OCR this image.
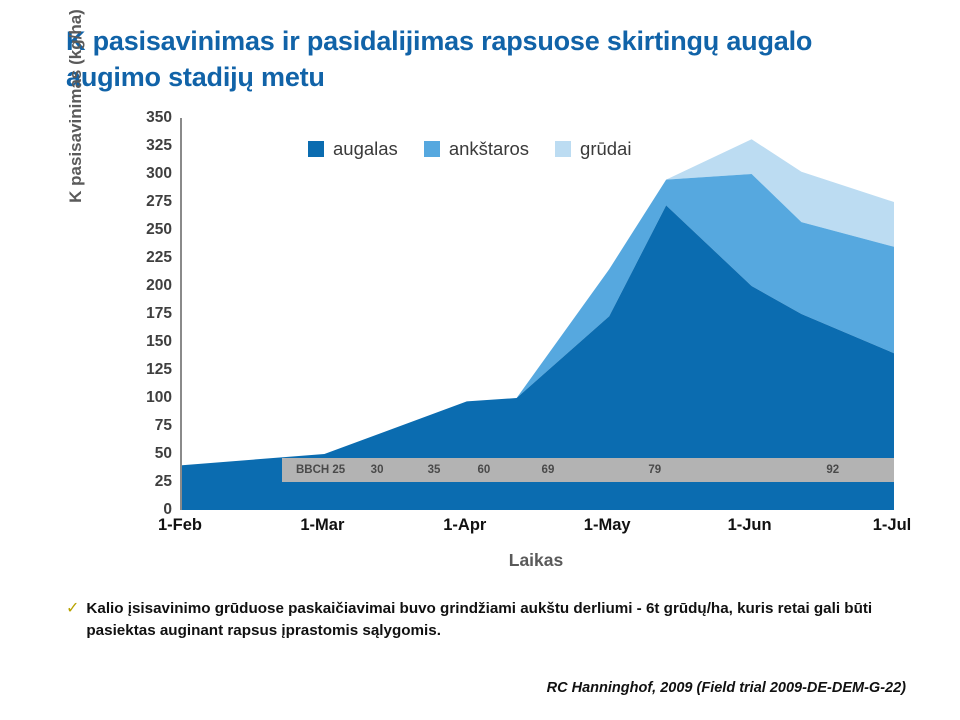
K pasisavinimas ir pasidalijimas rapsuose skirtingų augalo augimo stadijų metu
K pasisavinimas (kg/ha)
BBCH 25 30	35	60	69	79	92
0
25
50
75
100
125
150
175
200
225
250
275
300
325
350
1-Feb	1-Mar	1-Apr	1-May	1-Jun	1-Jul
augalas	ankštaros	grūdai
Laikas
✓ Kalio įsisavinimo grūduose paskaičiavimai buvo grindžiami aukštu derliumi - 6t grūdų/ha, kuris retai gali būti pasiektas auginant rapsus įprastomis sąlygomis.
RC Hanninghof, 2009 (Field trial 2009-DE-DEM-G-22)
